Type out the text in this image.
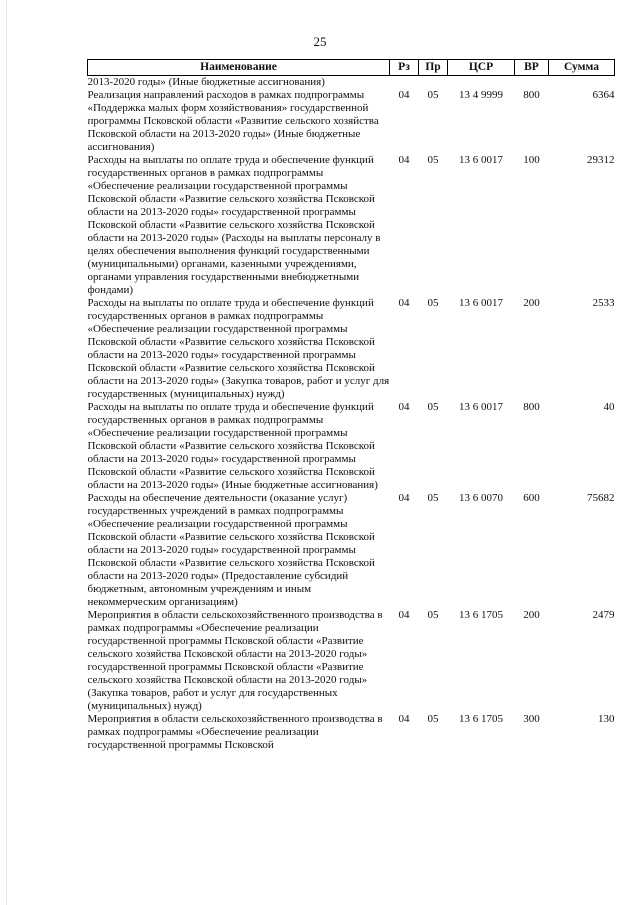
25
Наименование	Рз	Пр	ЦСР	ВР	Сумма
2013-2020 годы» (Иные бюджетные ассигнования)					
Реализация направлений расходов в рамках подпрограммы «Поддержка малых форм хозяйствования» государственной программы Псковской области «Развитие сельского хозяйства Псковской области на 2013-2020 годы» (Иные бюджетные ассигнования)	04	05	13 4 9999	800	6364
Расходы на выплаты по оплате труда и обеспечение функций государственных органов в рамках подпрограммы «Обеспечение реализации государственной программы Псковской области «Развитие сельского хозяйства Псковской области на 2013-2020 годы» государственной программы Псковской области «Развитие сельского хозяйства Псковской области на 2013-2020 годы» (Расходы на выплаты персоналу в целях обеспечения выполнения функций государственными (муниципальными) органами, казенными учреждениями, органами управления государственными внебюджетными фондами)	04	05	13 6 0017	100	29312
Расходы на выплаты по оплате труда и обеспечение функций государственных органов в рамках подпрограммы «Обеспечение реализации государственной программы Псковской области «Развитие сельского хозяйства Псковской области на 2013-2020 годы» государственной программы Псковской области «Развитие сельского хозяйства Псковской области на 2013-2020 годы» (Закупка товаров, работ и услуг для государственных (муниципальных) нужд)	04	05	13 6 0017	200	2533
Расходы на выплаты по оплате труда и обеспечение функций государственных органов в рамках подпрограммы «Обеспечение реализации государственной программы Псковской области «Развитие сельского хозяйства Псковской области на 2013-2020 годы» государственной программы Псковской области «Развитие сельского хозяйства Псковской области на 2013-2020 годы» (Иные бюджетные ассигнования)	04	05	13 6 0017	800	40
Расходы на обеспечение деятельности (оказание услуг) государственных учреждений в рамках подпрограммы «Обеспечение реализации государственной программы Псковской области «Развитие сельского хозяйства Псковской области на 2013-2020 годы» государственной программы Псковской области «Развитие сельского хозяйства Псковской области на 2013-2020 годы» (Предоставление субсидий бюджетным, автономным учреждениям и иным некоммерческим организациям)	04	05	13 6 0070	600	75682
Мероприятия в области сельскохозяйственного производства в рамках подпрограммы «Обеспечение реализации государственной программы Псковской области «Развитие сельского хозяйства Псковской области на 2013-2020 годы» государственной программы Псковской области «Развитие сельского хозяйства Псковской области на 2013-2020 годы» (Закупка товаров, работ и услуг для государственных (муниципальных) нужд)	04	05	13 6 1705	200	2479
Мероприятия в области сельскохозяйственного производства в рамках подпрограммы «Обеспечение реализации государственной программы Псковской	04	05	13 6 1705	300	130
